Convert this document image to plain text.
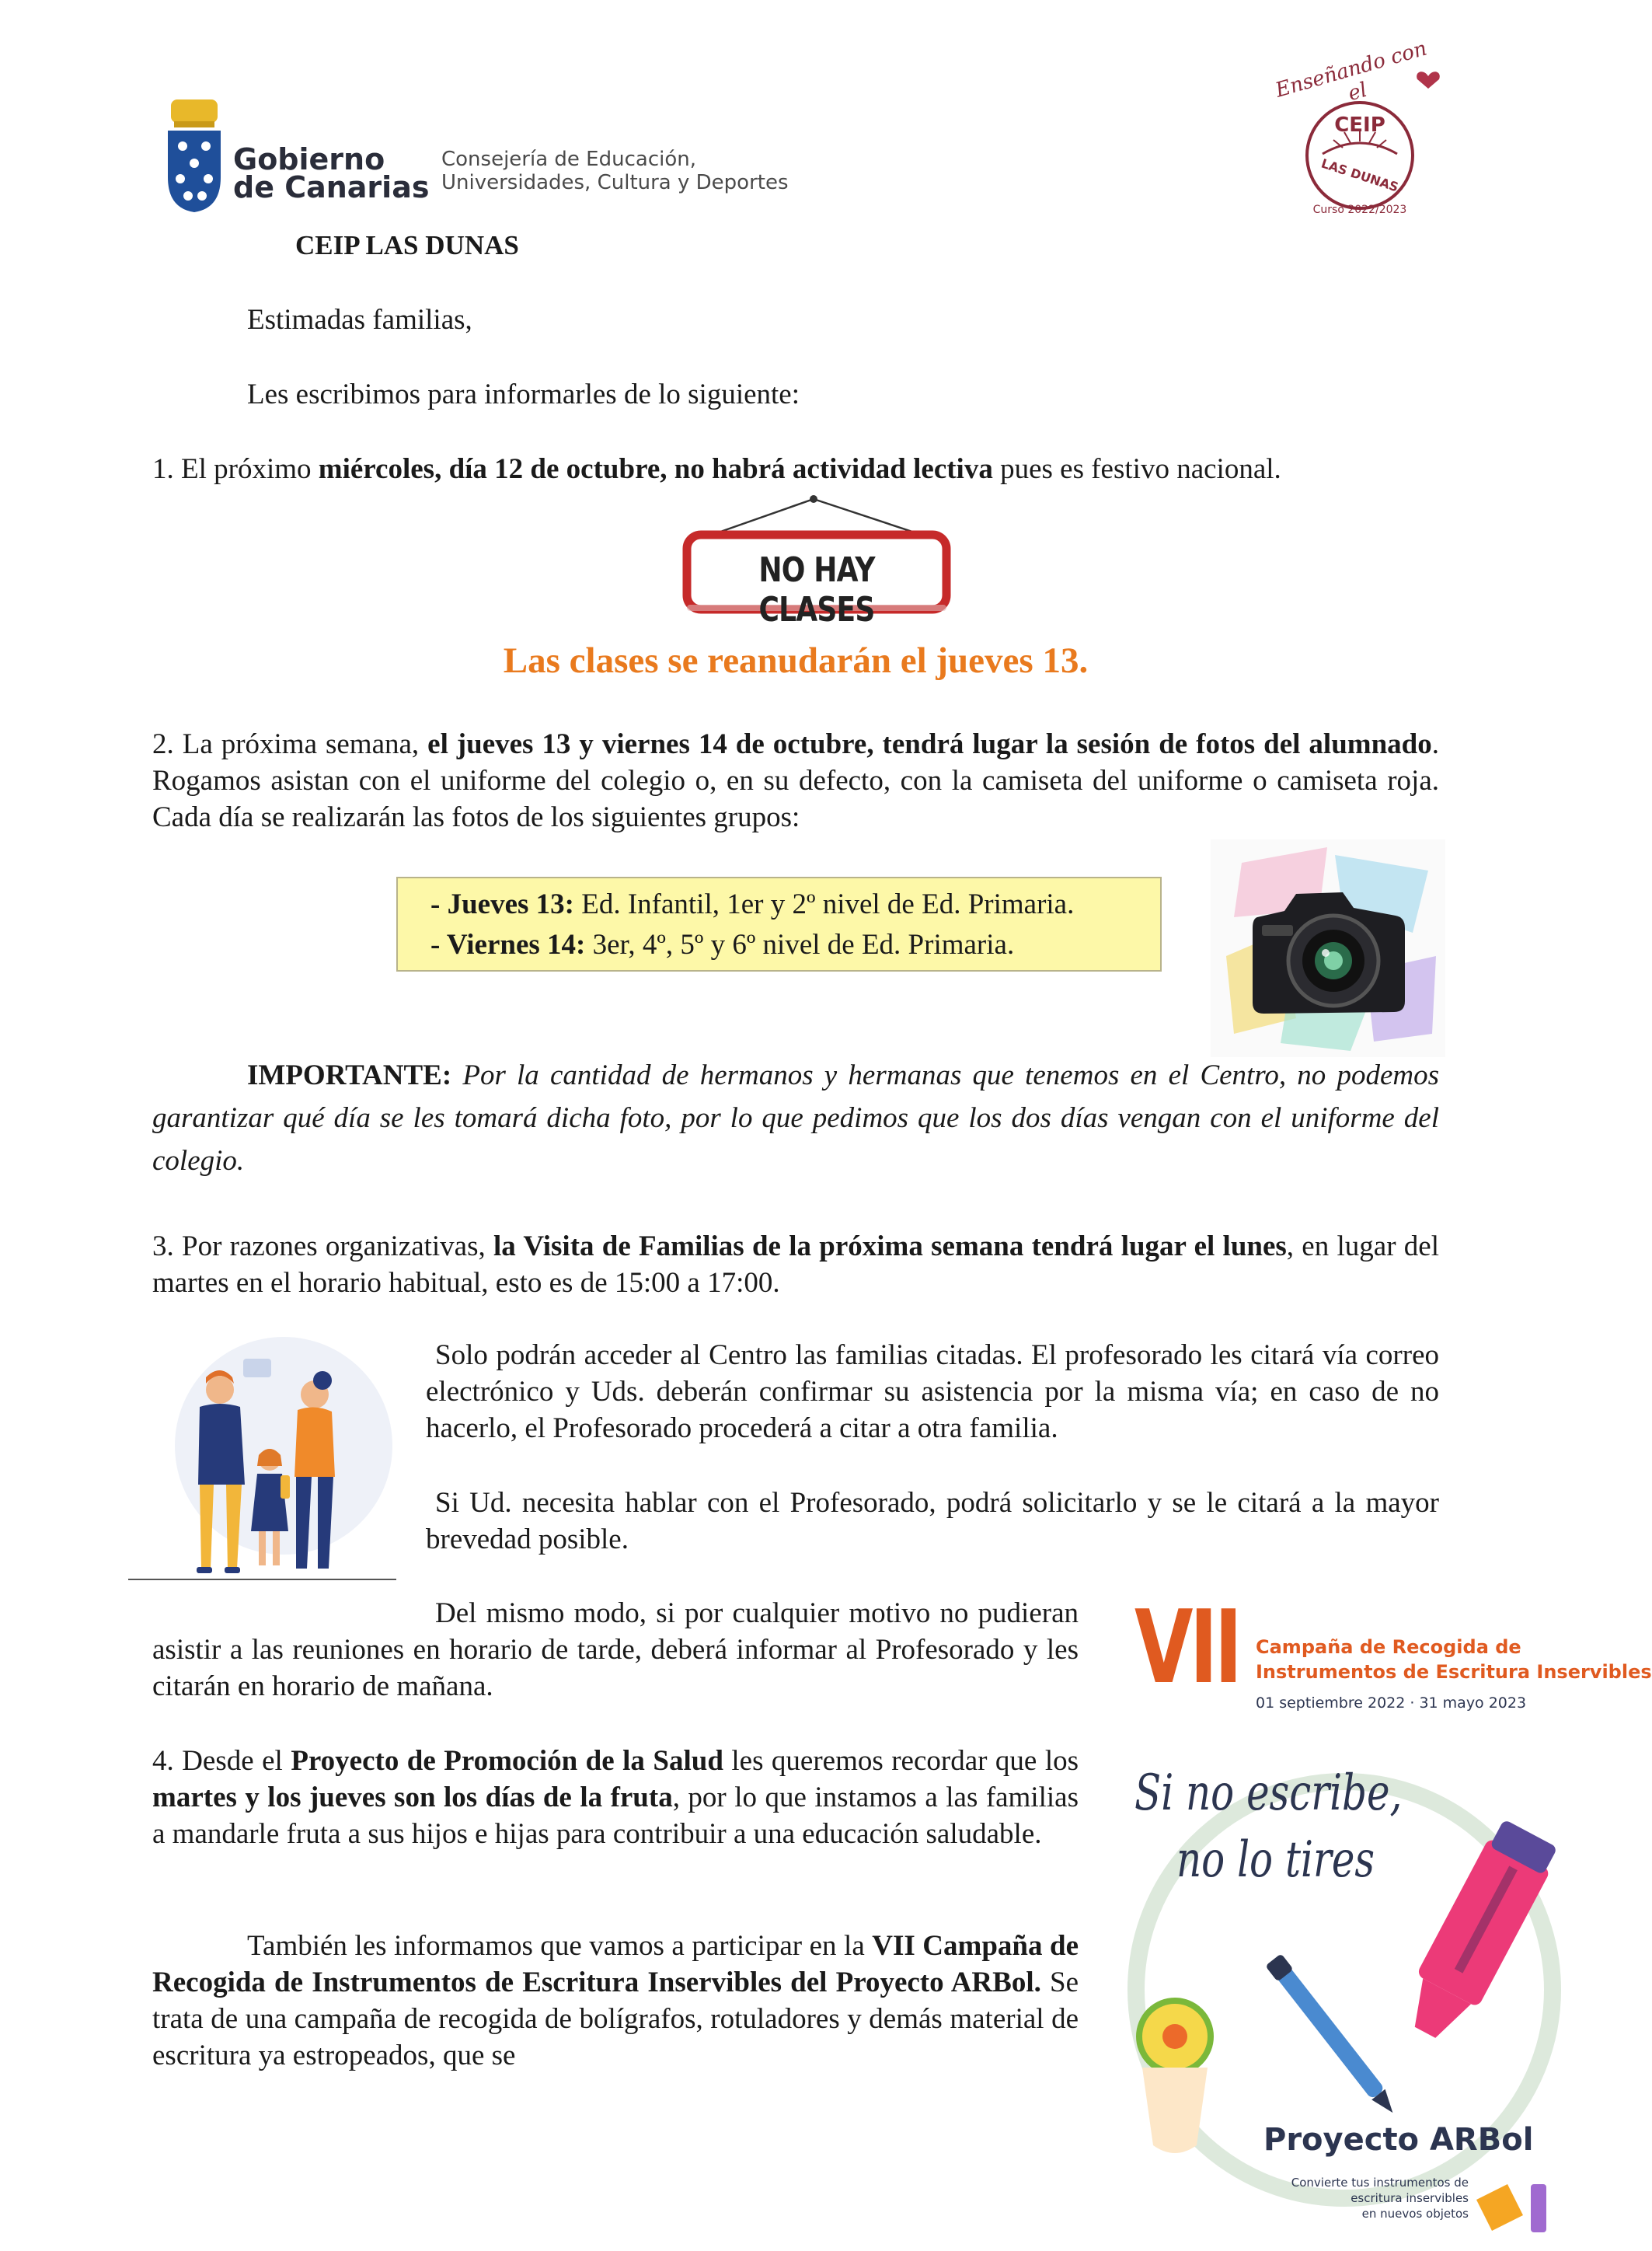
Gobierno
de Canarias
Consejería de Educación,
Universidades, Cultura y Deportes
CEIP LAS DUNAS
Enseñando con el
CEIP
LAS DUNAS
Curso 2022/2023
Estimadas familias,
Les escribimos para informarles de lo siguiente:
1. El próximo miércoles, día 12 de octubre, no habrá actividad lectiva pues es festivo nacional.
NO HAY CLASES
Las clases se reanudarán el jueves 13.
2. La próxima semana, el jueves 13 y viernes 14 de octubre, tendrá lugar la sesión de fotos del alumnado. Rogamos asistan con el uniforme del colegio o, en su defecto, con la camiseta del uniforme o camiseta roja. Cada día se realizarán las fotos de los siguientes grupos:
- Jueves 13: Ed. Infantil, 1er y 2º nivel de Ed. Primaria.
- Viernes 14: 3er, 4º, 5º y 6º nivel de Ed. Primaria.
IMPORTANTE: Por la cantidad de hermanos y hermanas que tenemos en el Centro, no podemos garantizar qué día se les tomará dicha foto, por lo que pedimos que los dos días vengan con el uniforme del colegio.
3. Por razones organizativas, la Visita de Familias de la próxima semana tendrá lugar el lunes, en lugar del martes en el horario habitual, esto es de 15:00 a 17:00.
Solo podrán acceder al Centro las familias citadas. El profesorado les citará vía correo electrónico y Uds. deberán confirmar su asistencia por la misma vía; en caso de no hacerlo, el Profesorado procederá a citar a otra familia.
Si Ud. necesita hablar con el Profesorado, podrá solicitarlo y se le citará a la mayor brevedad posible.
Del mismo modo, si por cualquier motivo no pudieran asistir a las reuniones en horario de tarde, deberá informar al Profesorado y les citarán en horario de mañana.
4. Desde el Proyecto de Promoción de la Salud les queremos recordar que los martes y los jueves son los días de la fruta, por lo que instamos a las familias a mandarle fruta a sus hijos e hijas para contribuir a una educación saludable.
También les informamos que vamos a participar en la VII Campaña de Recogida de Instrumentos de Escritura Inservibles del Proyecto ARBol. Se trata de una campaña de recogida de bolígrafos, rotuladores y demás material de escritura ya estropeados, que se
VII Campaña de Recogida de
Instrumentos de Escritura Inservibles
01 septiembre 2022 · 31 mayo 2023
Si no escribe,
no lo tires
Proyecto ARBol
Convierte tus instrumentos de
escritura inservibles
en nuevos objetos
